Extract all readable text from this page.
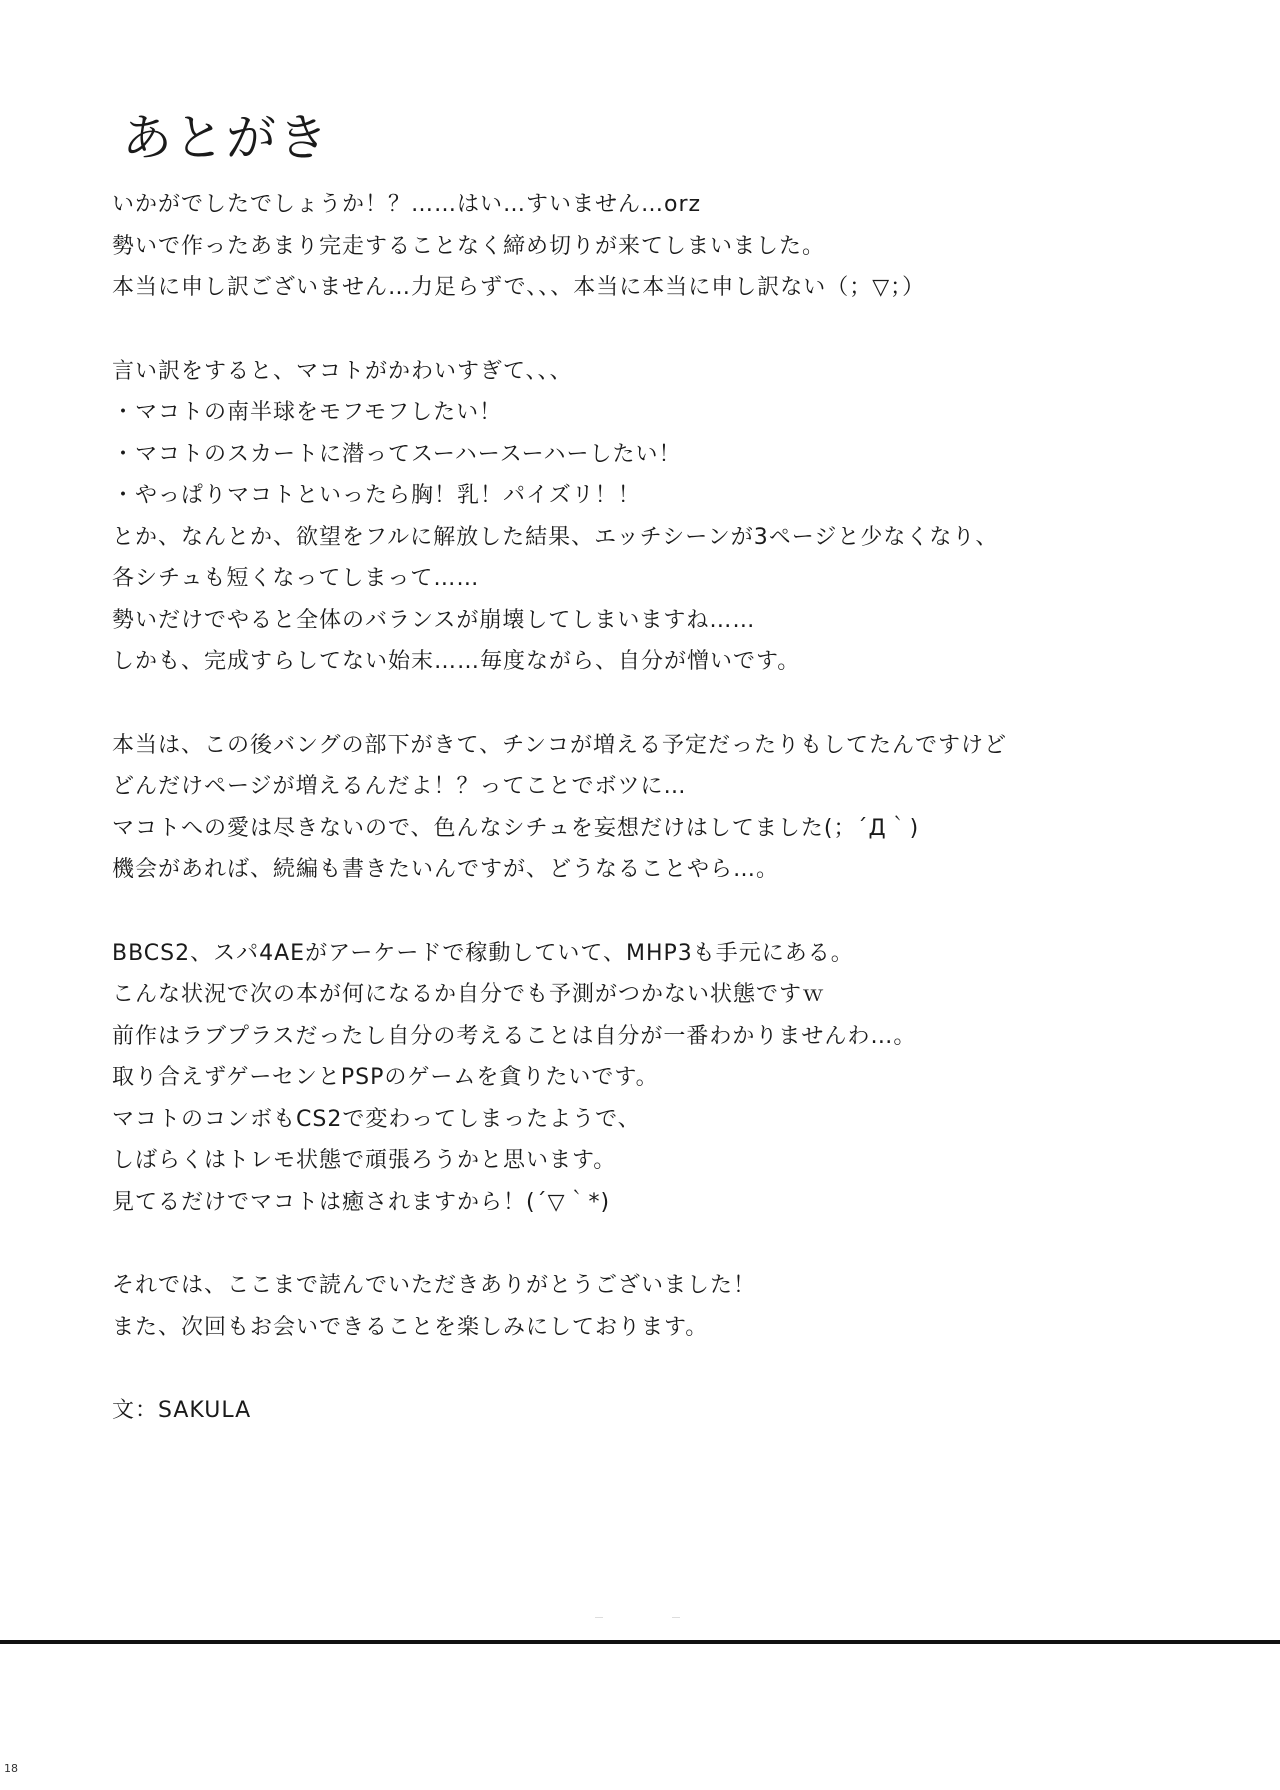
あとがき
いかがでしたでしょうか！？……はい…すいません…orz
勢いで作ったあまり完走することなく締め切りが来てしまいました。
本当に申し訳ございません…力足らずで、、、本当に本当に申し訳ない（；▽；）
言い訳をすると、マコトがかわいすぎて、、、
・マコトの南半球をモフモフしたい！
・マコトのスカートに潜ってスーハースーハーしたい！
・やっぱりマコトといったら胸！乳！パイズリ！！
とか、なんとか、欲望をフルに解放した結果、エッチシーンが3ページと少なくなり、
各シチュも短くなってしまって……
勢いだけでやると全体のバランスが崩壊してしまいますね……
しかも、完成すらしてない始末……毎度ながら、自分が憎いです。
本当は、この後バングの部下がきて、チンコが増える予定だったりもしてたんですけど
どんだけページが増えるんだよ！？ってことでボツに…
マコトへの愛は尽きないので、色んなシチュを妄想だけはしてました(；´Д｀)
機会があれば、続編も書きたいんですが、どうなることやら…。
BBCS2、スパ4AEがアーケードで稼動していて、MHP3も手元にある。
こんな状況で次の本が何になるか自分でも予測がつかない状態ですｗ
前作はラブプラスだったし自分の考えることは自分が一番わかりませんわ…。
取り合えずゲーセンとPSPのゲームを貪りたいです。
マコトのコンボもCS2で変わってしまったようで、
しばらくはトレモ状態で頑張ろうかと思います。
見てるだけでマコトは癒されますから！(´▽｀*)
それでは、ここまで読んでいただきありがとうございました！
また、次回もお会いできることを楽しみにしております。
文：SAKULA
18
